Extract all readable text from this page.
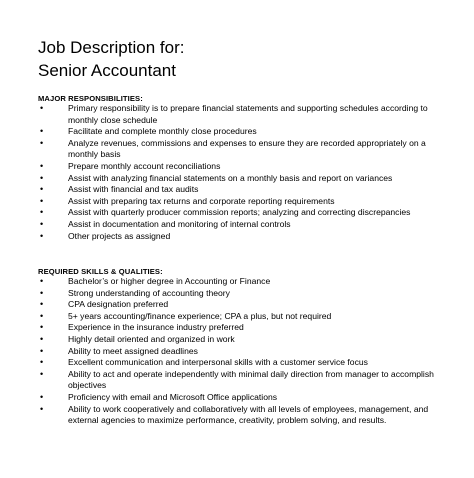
Job Description for:
Senior Accountant
MAJOR RESPONSIBILITIES:
•	Primary responsibility is to prepare financial statements and supporting schedules according to monthly close schedule
•	Facilitate and complete monthly close procedures
•	Analyze revenues, commissions and expenses to ensure they are recorded appropriately on a monthly basis
•	Prepare monthly account reconciliations
•	Assist with analyzing financial statements on a monthly basis and report on variances
•	Assist with financial and tax audits
•	Assist with preparing tax returns and corporate reporting requirements
•	Assist with quarterly producer commission reports; analyzing and correcting discrepancies
•	Assist in documentation and monitoring of internal controls
•	Other projects as assigned
REQUIRED SKILLS & QUALITIES:
•	Bachelor’s or higher degree in Accounting or Finance
•	Strong understanding of accounting theory
•	CPA designation preferred
•	5+ years accounting/finance experience; CPA a plus, but not required
•	Experience in the insurance industry preferred
•	Highly detail oriented and organized in work
•	Ability to meet assigned deadlines
•	Excellent communication and interpersonal skills with a customer service focus
•	Ability to act and operate independently with minimal daily direction from manager to accomplish objectives
•	Proficiency with email and Microsoft Office applications
•	Ability to work cooperatively and collaboratively with all levels of employees, management, and external agencies to maximize performance, creativity, problem solving, and results.
